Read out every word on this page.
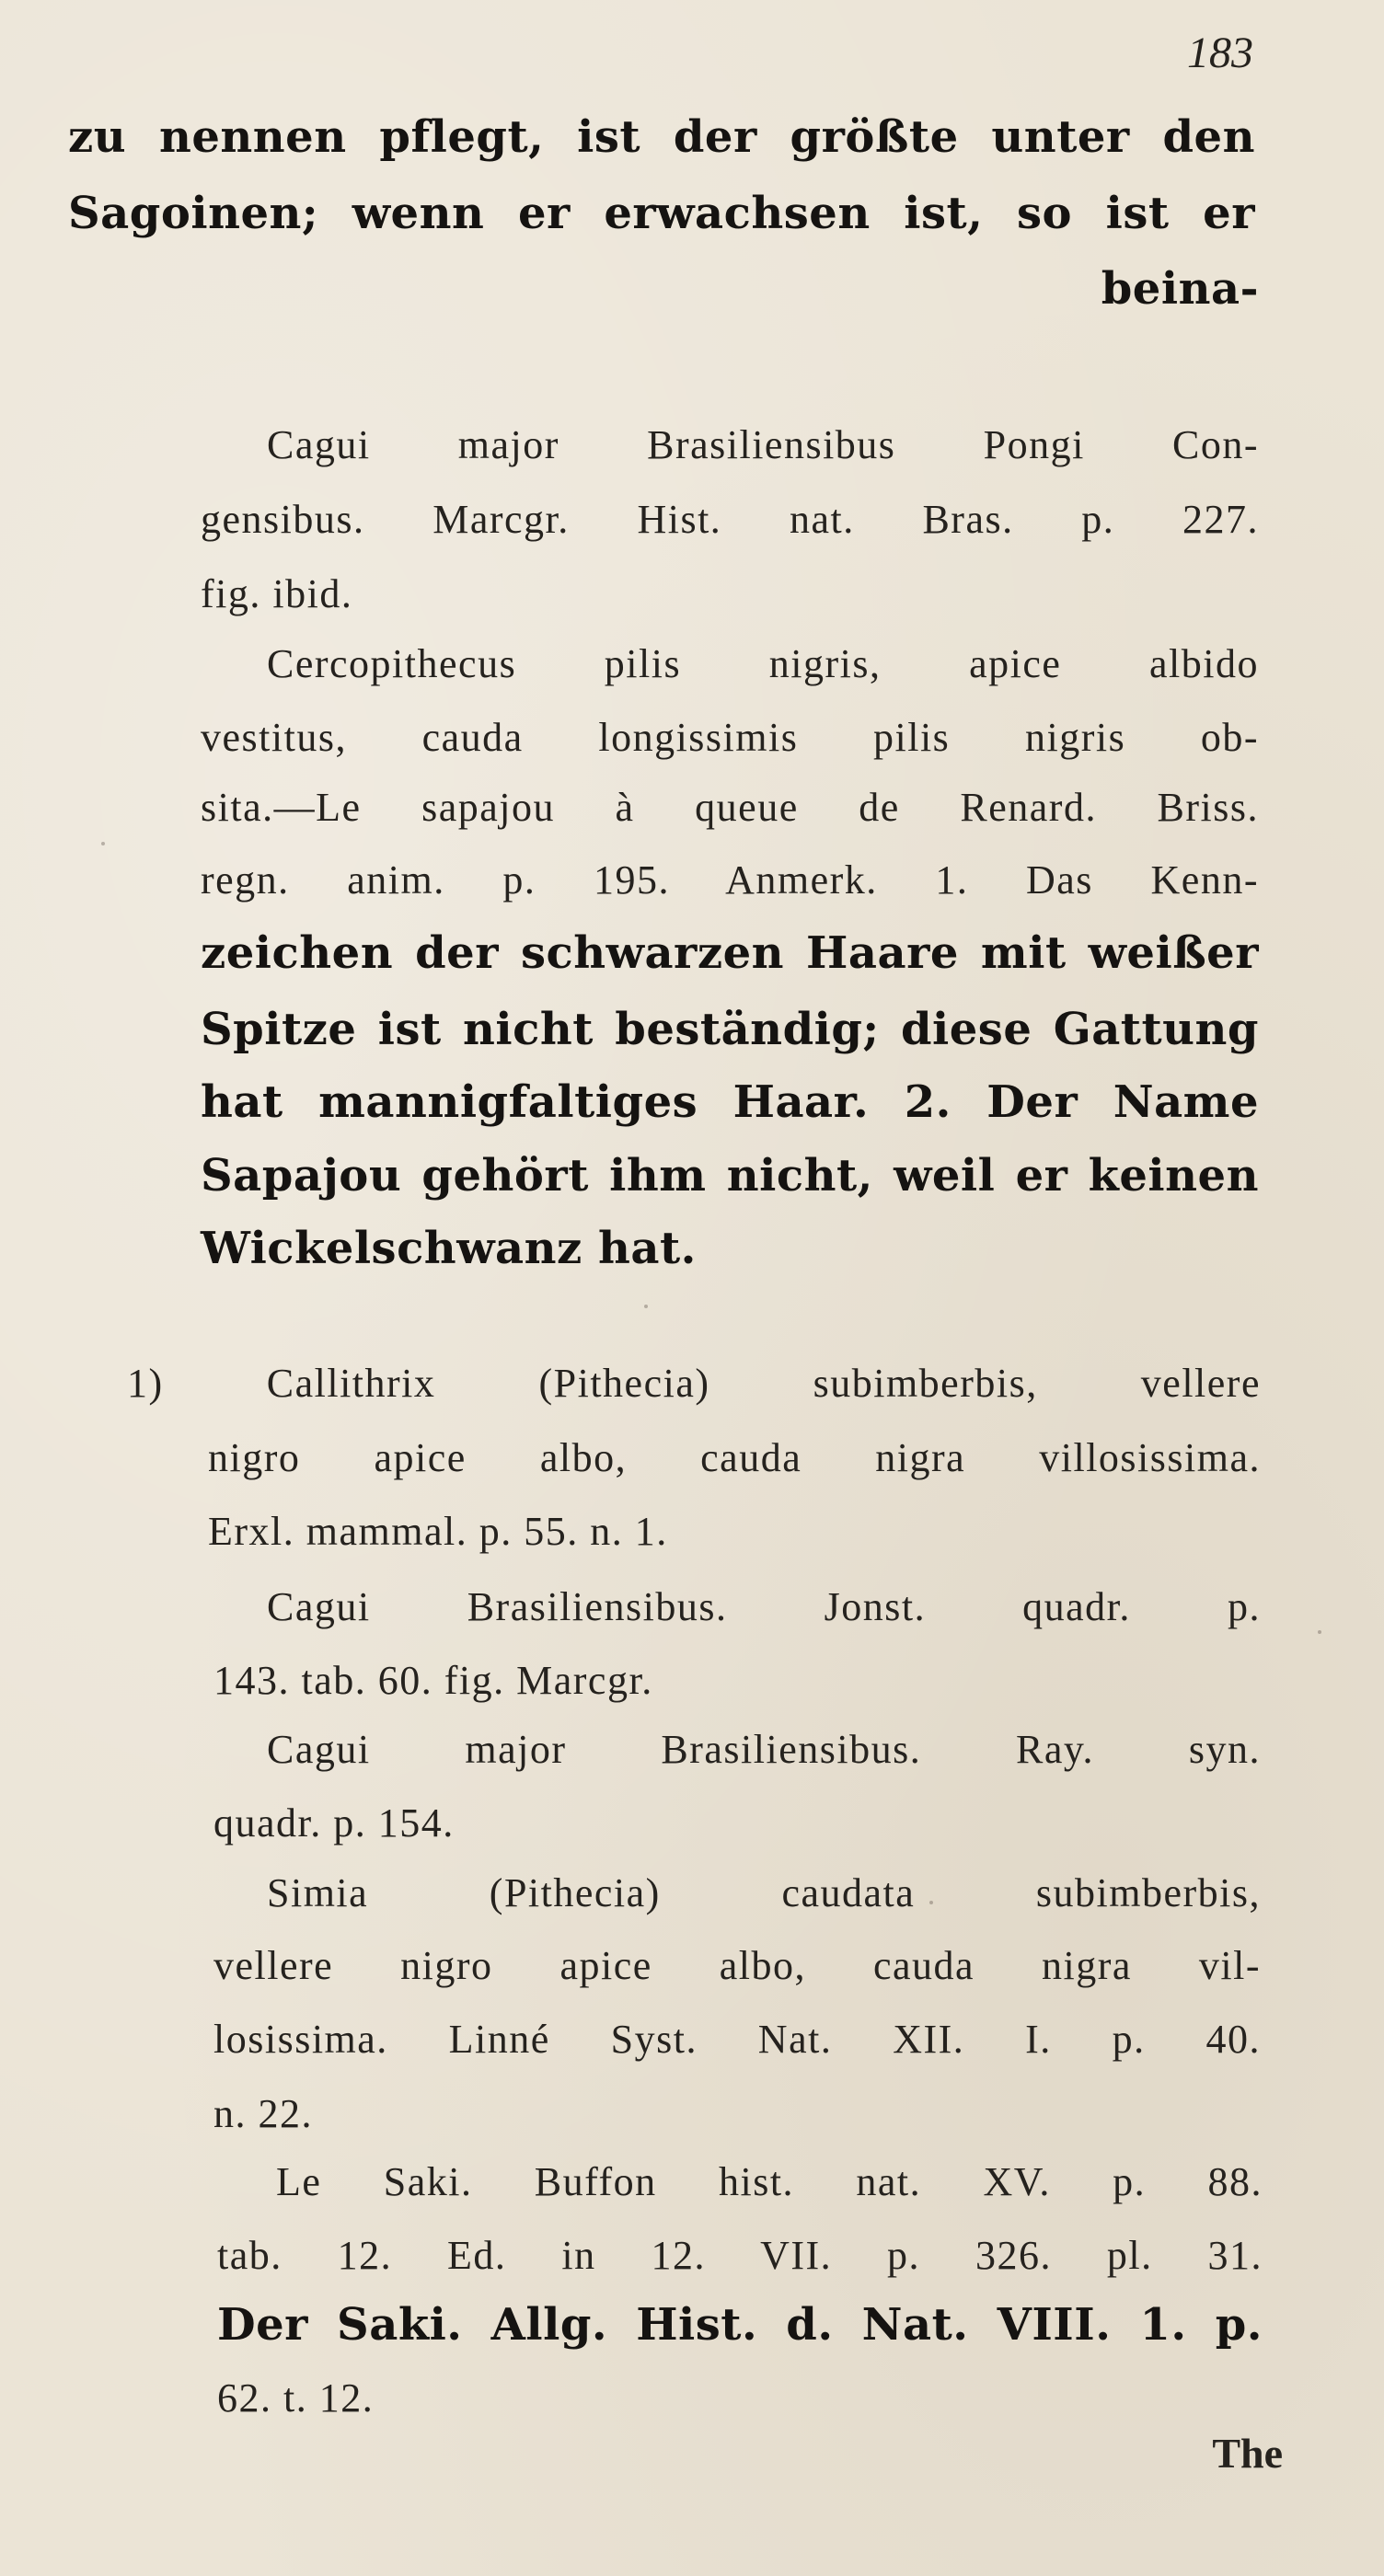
183
zu nennen pflegt, ist der größte unter den
Sagoinen; wenn er erwachsen ist, so ist er
beina-
Cagui major Brasiliensibus Pongi Con-
gensibus. Marcgr. Hist. nat. Bras. p. 227.
fig. ibid.
Cercopithecus pilis nigris, apice albido
vestitus, cauda longissimis pilis nigris ob-
sita.—Le sapajou à queue de Renard. Briss.
regn. anim. p. 195. Anmerk. 1. Das Kenn-
zeichen der schwarzen Haare mit weißer
Spitze ist nicht beständig; diese Gattung
hat mannigfaltiges Haar. 2. Der Name
Sapajou gehört ihm nicht, weil er keinen
Wickelschwanz hat.
1) Callithrix (Pithecia) subimberbis, vellere
nigro apice albo, cauda nigra villosissima.
Erxl. mammal. p. 55. n. 1.
Cagui Brasiliensibus. Jonst. quadr. p.
143. tab. 60. fig. Marcgr.
Cagui major Brasiliensibus. Ray. syn.
quadr. p. 154.
Simia (Pithecia) caudata subimberbis,
vellere nigro apice albo, cauda nigra vil-
losissima. Linné Syst. Nat. XII. I. p. 40.
n. 22.
Le Saki. Buffon hist. nat. XV. p. 88.
tab. 12. Ed. in 12. VII. p. 326. pl. 31.
Der Saki. Allg. Hist. d. Nat. VIII. 1. p.
62. t. 12.
The
